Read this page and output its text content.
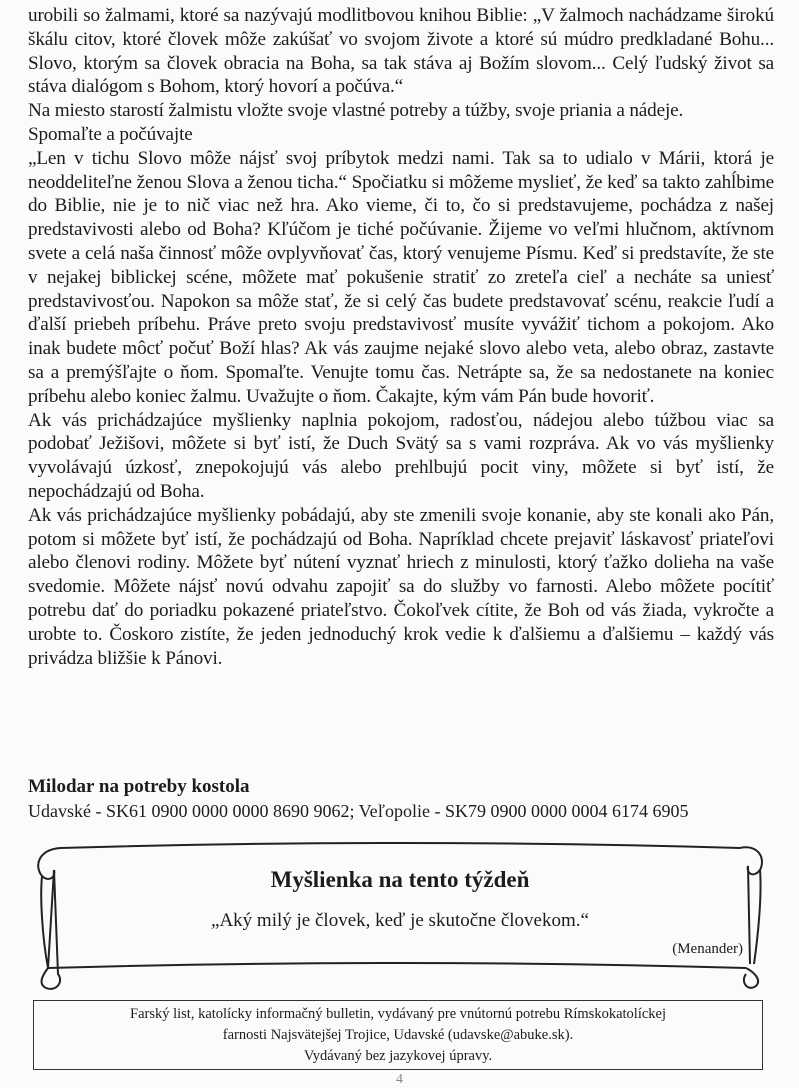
urobili so žalmami, ktoré sa nazývajú modlitbovou knihou Biblie: „V žalmoch nachádzame širokú škálu citov, ktoré človek môže zakúšať vo svojom živote a ktoré sú múdro predkladané Bohu... Slovo, ktorým sa človek obracia na Boha, sa tak stáva aj Božím slovom... Celý ľudský život sa stáva dialógom s Bohom, ktorý hovorí a počúva.“

Na miesto starostí žalmistu vložte svoje vlastné potreby a túžby, svoje priania a nádeje.

Spomaľte a počúvajte

„Len v tichu Slovo môže nájsť svoj príbytok medzi nami. Tak sa to udialo v Márii, ktorá je neoddeliteľne ženou Slova a ženou ticha.“ Spočiatku si môžeme myslieť, že keď sa takto zahĺbime do Biblie, nie je to nič viac než hra. Ako vieme, či to, čo si predstavujeme, pochádza z našej predstavivosti alebo od Boha? Kľúčom je tiché počúvanie. Žijeme vo veľmi hlučnom, aktívnom svete a celá naša činnosť môže ovplyvňovať čas, ktorý venujeme Písmu. Keď si predstavíte, že ste v nejakej biblickej scéne, môžete mať pokušenie stratiť zo zreteľa cieľ a necháte sa uniesť predstavivosťou. Napokon sa môže stať, že si celý čas budete predstavovať scénu, reakcie ľudí a ďalší priebeh príbehu. Práve preto svoju predstavivosť musíte vyvážiť tichom a pokojom. Ako inak budete môcť počuť Boží hlas? Ak vás zaujme nejaké slovo alebo veta, alebo obraz, zastavte sa a premýšľajte o ňom. Spomaľte. Venujte tomu čas. Netrápte sa, že sa nedostanete na koniec príbehu alebo koniec žalmu. Uvažujte o ňom. Čakajte, kým vám Pán bude hovoriť.

Ak vás prichádzajúce myšlienky naplnia pokojom, radosťou, nádejou alebo túžbou viac sa podobať Ježišovi, môžete si byť istí, že Duch Svätý sa s vami rozpráva. Ak vo vás myšlienky vyvolávajú úzkosť, znepokojujú vás alebo prehlbujú pocit viny, môžete si byť istí, že nepochádzajú od Boha.

Ak vás prichádzajúce myšlienky pobádajú, aby ste zmenili svoje konanie, aby ste konali ako Pán, potom si môžete byť istí, že pochádzajú od Boha. Napríklad chcete prejaviť láskavosť priateľovi alebo členovi rodiny. Môžete byť nútení vyznať hriech z minulosti, ktorý ťažko dolieha na vaše svedomie. Môžete nájsť novú odvahu zapojiť sa do služby vo farnosti. Alebo môžete pocítiť potrebu dať do poriadku pokazené priateľstvo. Čokoľvek cítite, že Boh od vás žiada, vykročte a urobte to. Čoskoro zistíte, že jeden jednoduchý krok vedie k ďalšiemu a ďalšiemu – každý vás privádza bližšie k Pánovi.

Milodar na potreby kostola
Udavské - SK61 0900 0000 0000 8690 9062; Veľopolie - SK79 0900 0000 0004 6174 6905
Myšlienka na tento týždeň
„Aký milý je človek, keď je skutočne človekom.“
(Menander)

Farský list, katolícky informačný bulletin, vydávaný pre vnútornú potrebu Rímskokatolíckej

farnosti Najsvätejšej Trojice, Udavské (udavske@abuke.sk).

Vydávaný bez jazykovej úpravy.

4
